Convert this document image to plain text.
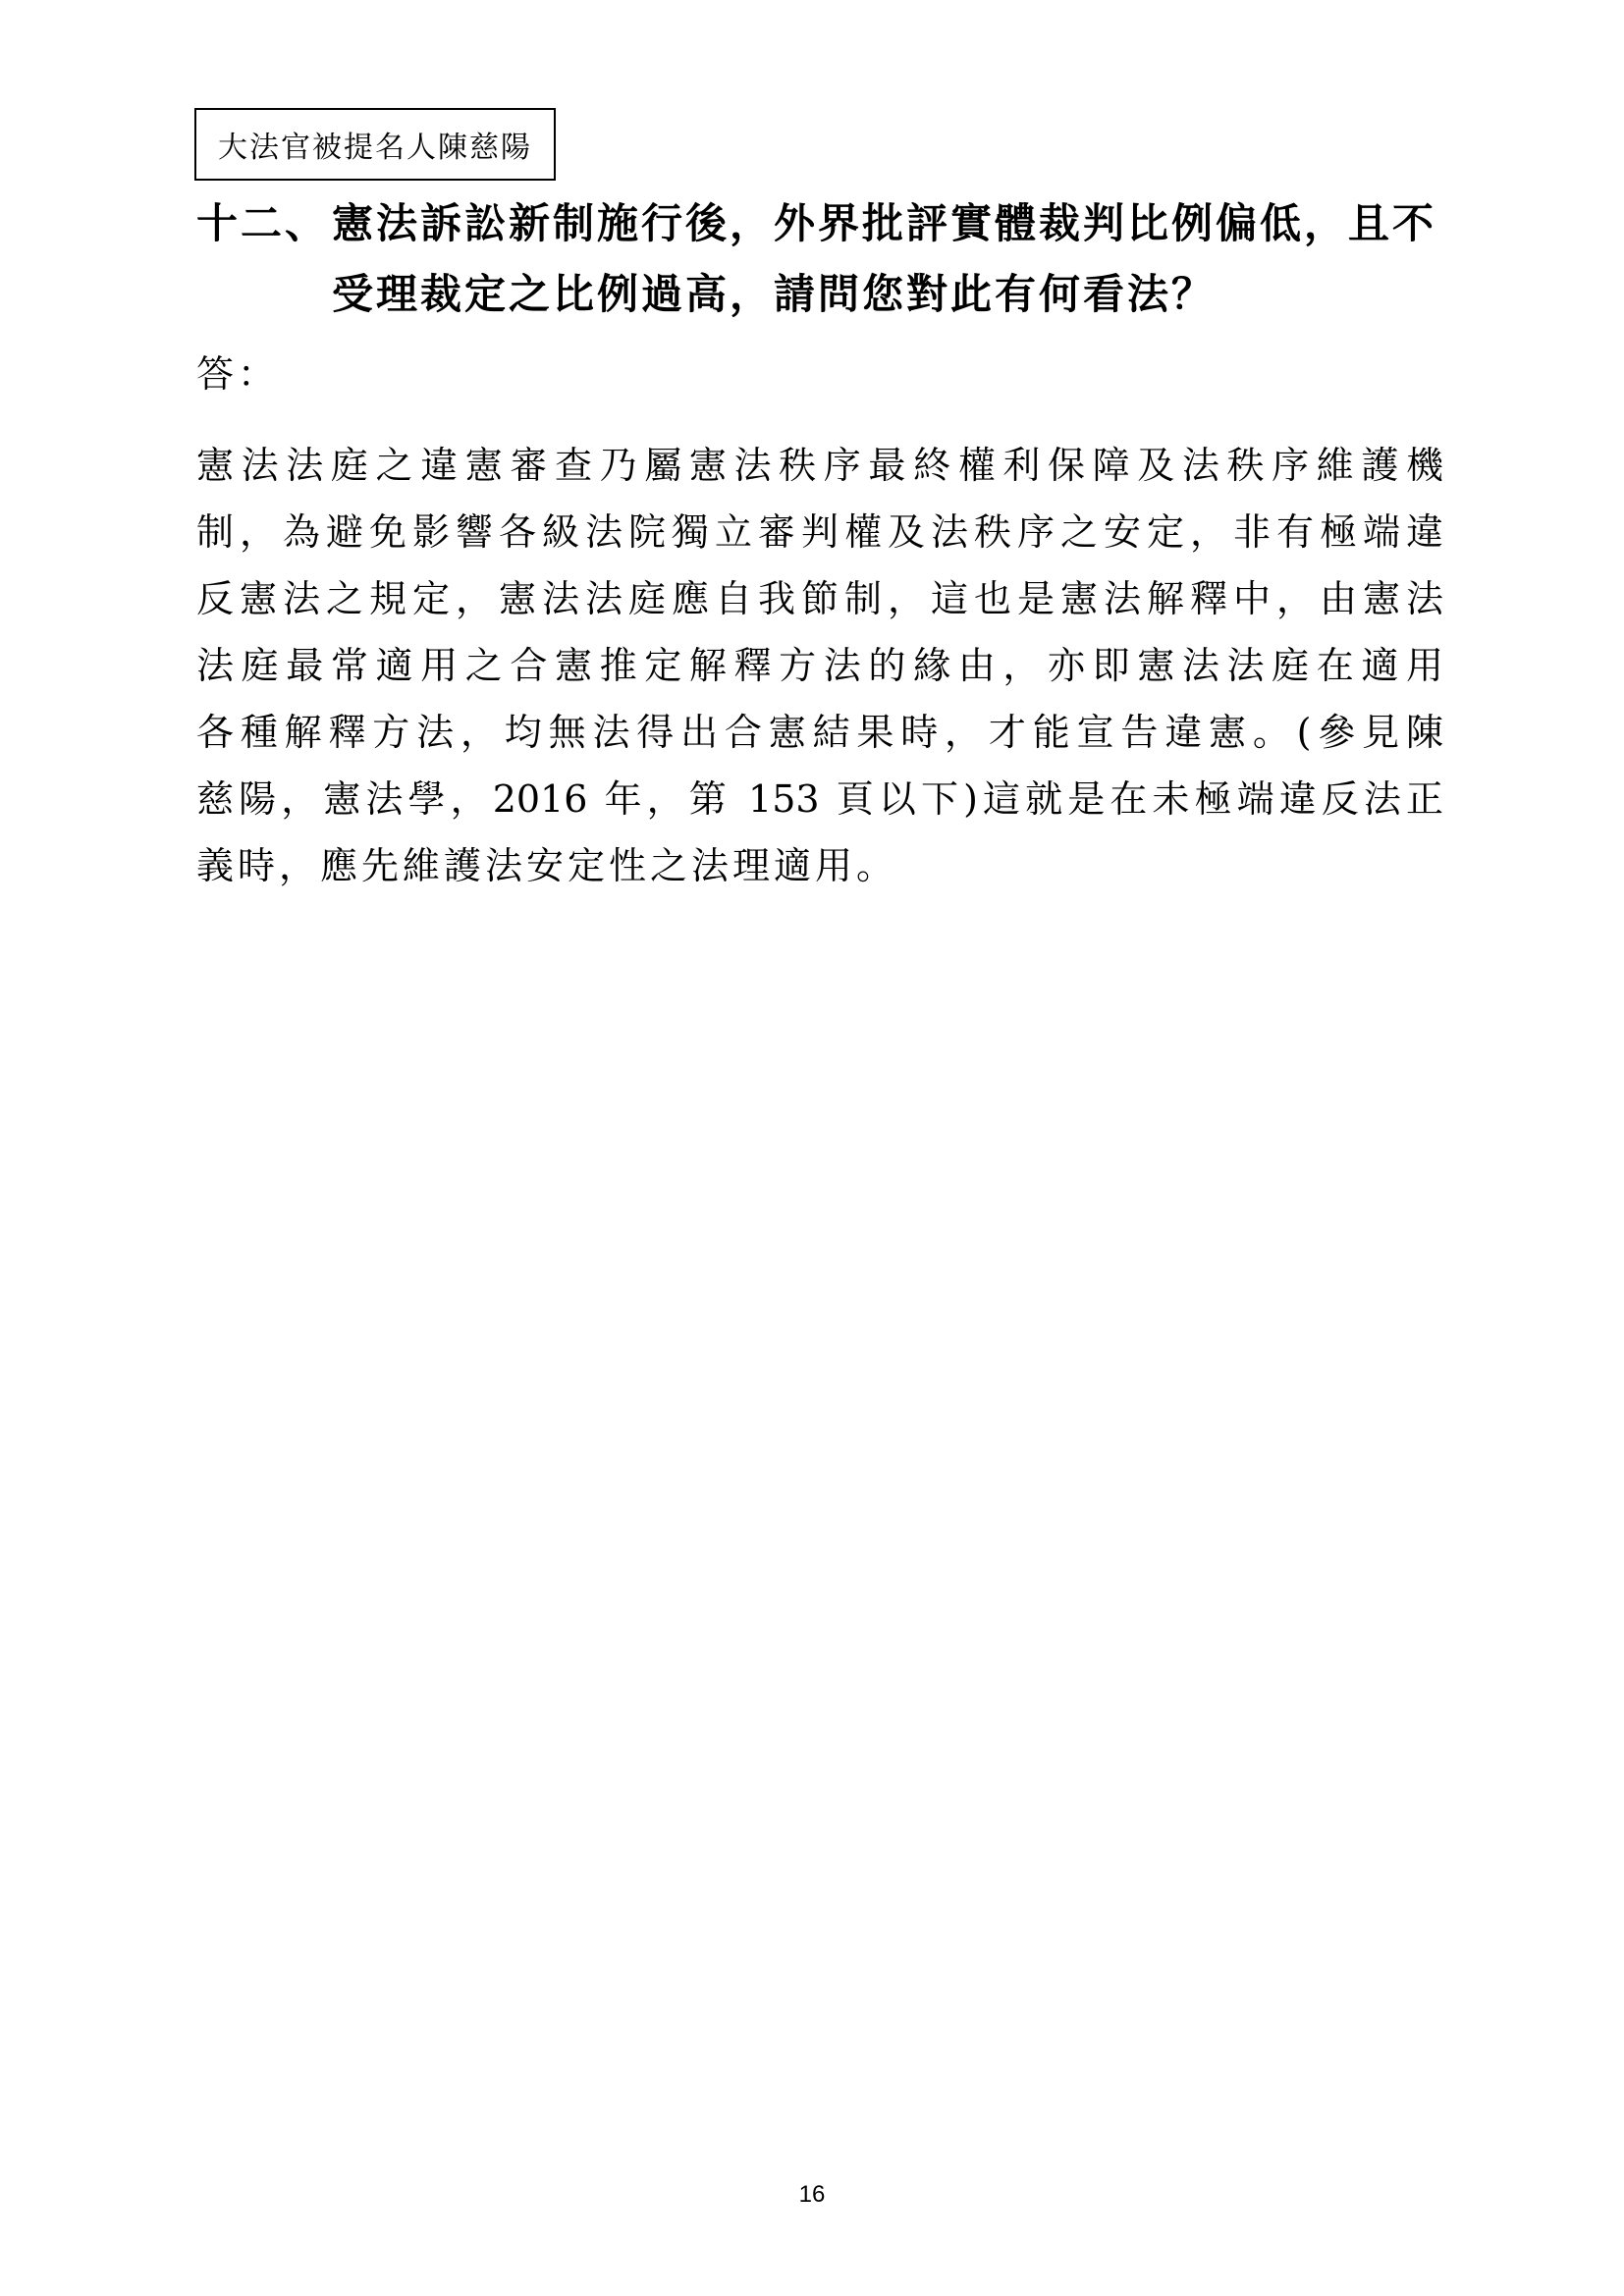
大法官被提名人陳慈陽
十二、憲法訴訟新制施行後，外界批評實體裁判比例偏低，且不
受理裁定之比例過高，請問您對此有何看法？
答：
憲法法庭之違憲審查乃屬憲法秩序最終權利保障及法秩序維護機
制，為避免影響各級法院獨立審判權及法秩序之安定，非有極端違
反憲法之規定，憲法法庭應自我節制，這也是憲法解釋中，由憲法
法庭最常適用之合憲推定解釋方法的緣由，亦即憲法法庭在適用
各種解釋方法，均無法得出合憲結果時，才能宣告違憲。(參見陳
慈陽，憲法學，2016 年，第 153 頁以下)這就是在未極端違反法正
義時，應先維護法安定性之法理適用。
16
